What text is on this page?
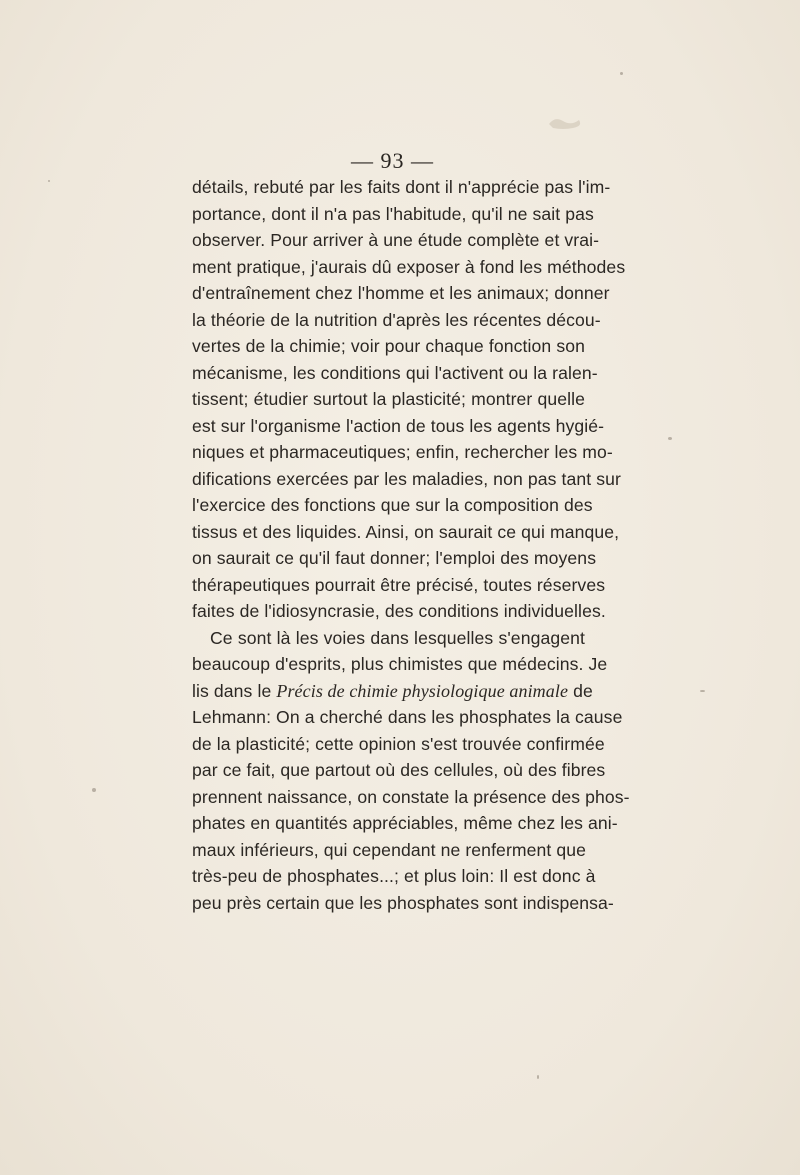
— 93 —
détails, rebuté par les faits dont il n'apprécie pas l'im-
portance, dont il n'a pas l'habitude, qu'il ne sait pas
observer. Pour arriver à une étude complète et vrai-
ment pratique, j'aurais dû exposer à fond les méthodes
d'entraînement chez l'homme et les animaux; donner
la théorie de la nutrition d'après les récentes décou-
vertes de la chimie; voir pour chaque fonction son
mécanisme, les conditions qui l'activent ou la ralen-
tissent; étudier surtout la plasticité; montrer quelle
est sur l'organisme l'action de tous les agents hygié-
niques et pharmaceutiques; enfin, rechercher les mo-
difications exercées par les maladies, non pas tant sur
l'exercice des fonctions que sur la composition des
tissus et des liquides. Ainsi, on saurait ce qui manque,
on saurait ce qu'il faut donner; l'emploi des moyens
thérapeutiques pourrait être précisé, toutes réserves
faites de l'idiosyncrasie, des conditions individuelles.
Ce sont là les voies dans lesquelles s'engagent
beaucoup d'esprits, plus chimistes que médecins. Je
lis dans le Précis de chimie physiologique animale de
Lehmann: On a cherché dans les phosphates la cause
de la plasticité; cette opinion s'est trouvée confirmée
par ce fait, que partout où des cellules, où des fibres
prennent naissance, on constate la présence des phos-
phates en quantités appréciables, même chez les ani-
maux inférieurs, qui cependant ne renferment que
très-peu de phosphates...; et plus loin: Il est donc à
peu près certain que les phosphates sont indispensa-
